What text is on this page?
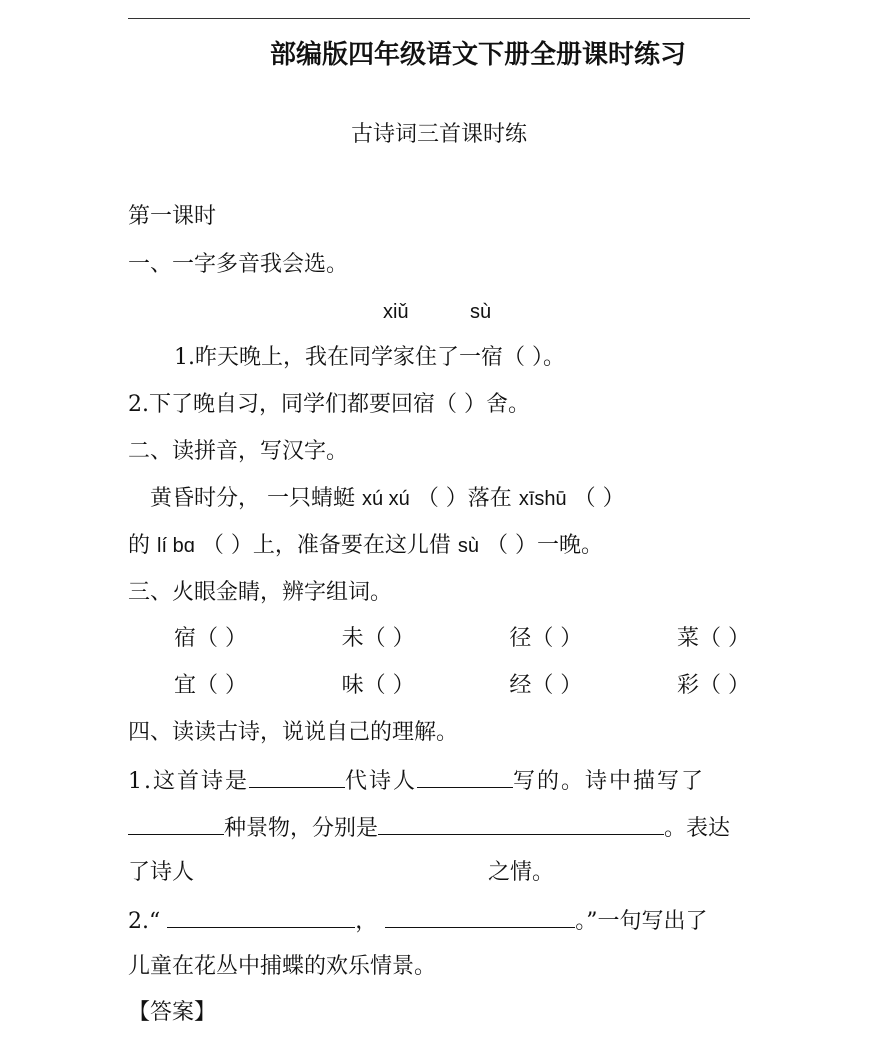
部编版四年级语文下册全册课时练习
古诗词三首课时练
第一课时
一、一字多音我会选。
xiǔ	sù
1.昨天晚上，我在同学家住了一宿（ ）。
2.下了晚自习，同学们都要回宿（ ）舍。
二、读拼音，写汉字。
黄昏时分， 一只蜻蜓 xú xú （ ）落在 xīshū （ ）
的 lí bɑ （ ）上，准备要在这儿借 sù （ ）一晚。
三、火眼金睛，辨字组词。
宿（ ）	未（ ）	径（ ）	菜（ ）
宜（ ）	味（ ）	经（ ）	彩（ ）
四、读读古诗，说说自己的理解。
1.这首诗是	代诗人	写的。诗中描写了
种景物，分别是	。表达
了诗人	之情。
2.“	，	。”一句写出了
儿童在花丛中捕蝶的欢乐情景。
【答案】
